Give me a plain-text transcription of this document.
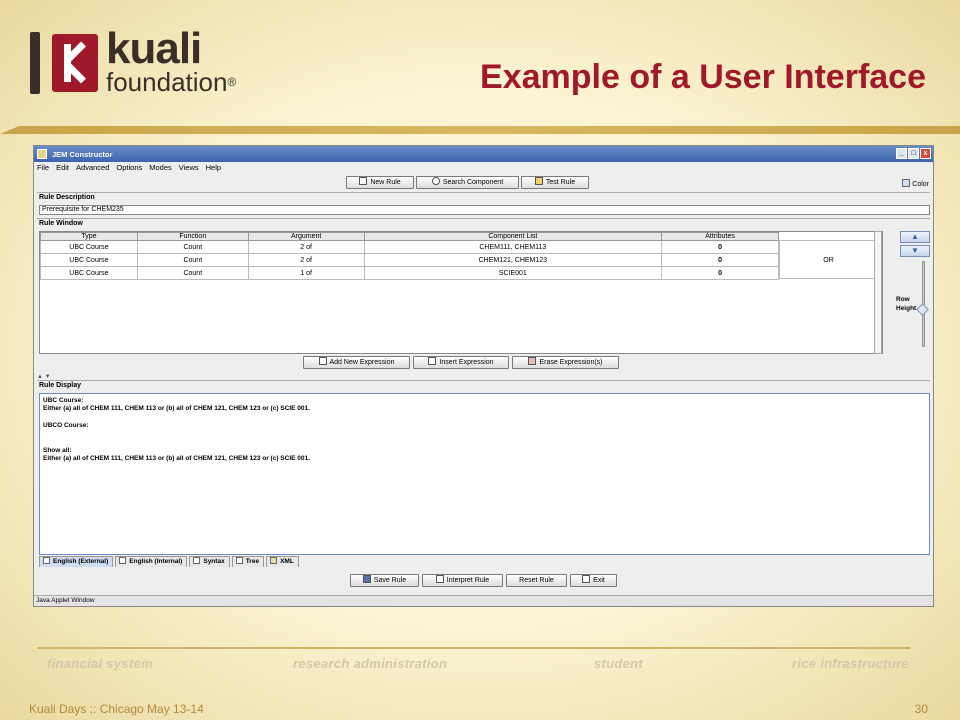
kuali
foundation®	Example of a User Interface
JEM Constructor	_	□	x
File Edit Advanced Options Modes Views Help
New Rule	Search Component	Test Rule	Color
Rule Description
Prerequisite for CHEM235
Rule Window
Type	Function	Argument	Component List	Attributes
UBC Course	Count	2 of	CHEM111, CHEM113	0
UBC Course	Count	2 of	CHEM121, CHEM123	0
UBC Course	Count	1 of	SCIE001	0
OR
▲
▼
Row
Height
Add New Expression	Insert Expression	Erase Expression(s)
▲ ▼
Rule Display

UBC Course:

Either (a) all of CHEM 111, CHEM 113 or (b) all of CHEM 121, CHEM 123 or (c) SCIE 001.

UBCO Course:

Show all:

Either (a) all of CHEM 111, CHEM 113 or (b) all of CHEM 121, CHEM 123 or (c) SCIE 001.

English (External)	English (Internal)	Syntax	Tree	XML
Save Rule	Interpret Rule	Reset Rule	Exit
Java Applet Window
financial system	research administration	student	rice infrastructure
Kuali Days :: Chicago May 13-14	30
